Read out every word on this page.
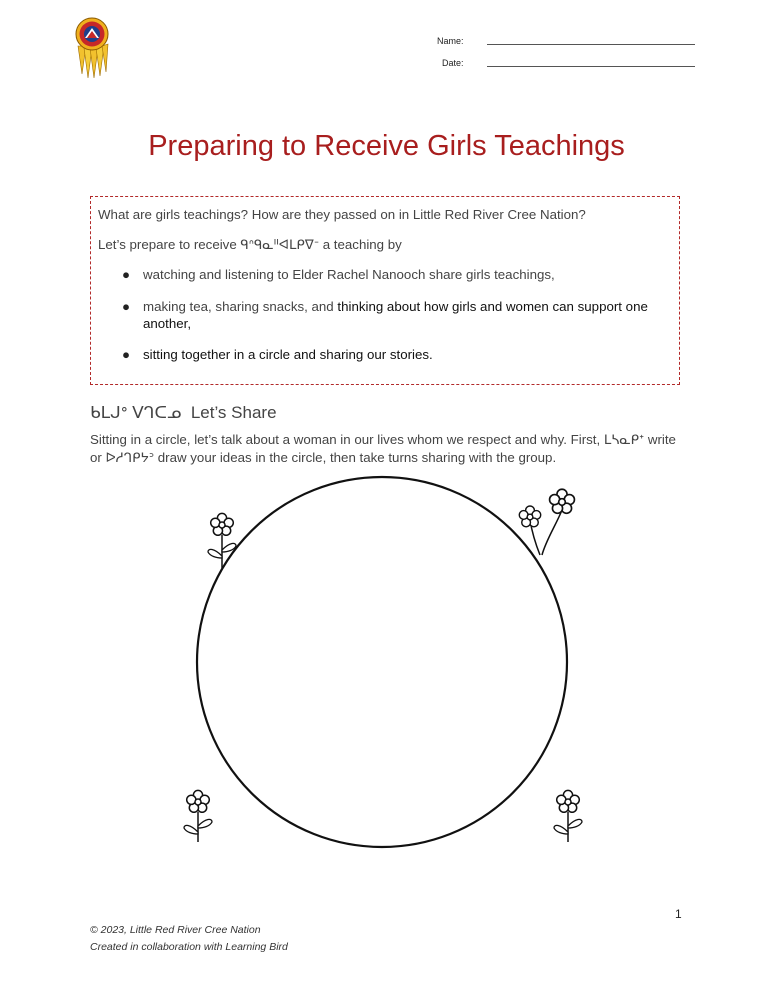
Name:
Date:
Preparing to Receive Girls Teachings

What are girls teachings? How are they passed on in Little Red River Cree Nation?

Let’s prepare to receive ᑫᐢᑫᓇᐦᐊᒪᑭᐁᐨ a teaching by

● watching and listening to Elder Rachel Nanooch share girls teachings,
● making tea, sharing snacks, and thinking about how girls and women can support one another,
● sitting together in a circle and sharing our stories.
ᑲᒪᒍᐤ ᐯᒉᑕᓄ Let’s Share
Sitting in a circle, let’s talk about a woman in our lives whom we respect and why. First, ᒪᓴᓇᑭᐩ write or ᐅᓱᒉᑭᔭᐣ draw your ideas in the circle, then take turns sharing with the group.
1
© 2023, Little Red River Cree Nation
Created in collaboration with Learning Bird
